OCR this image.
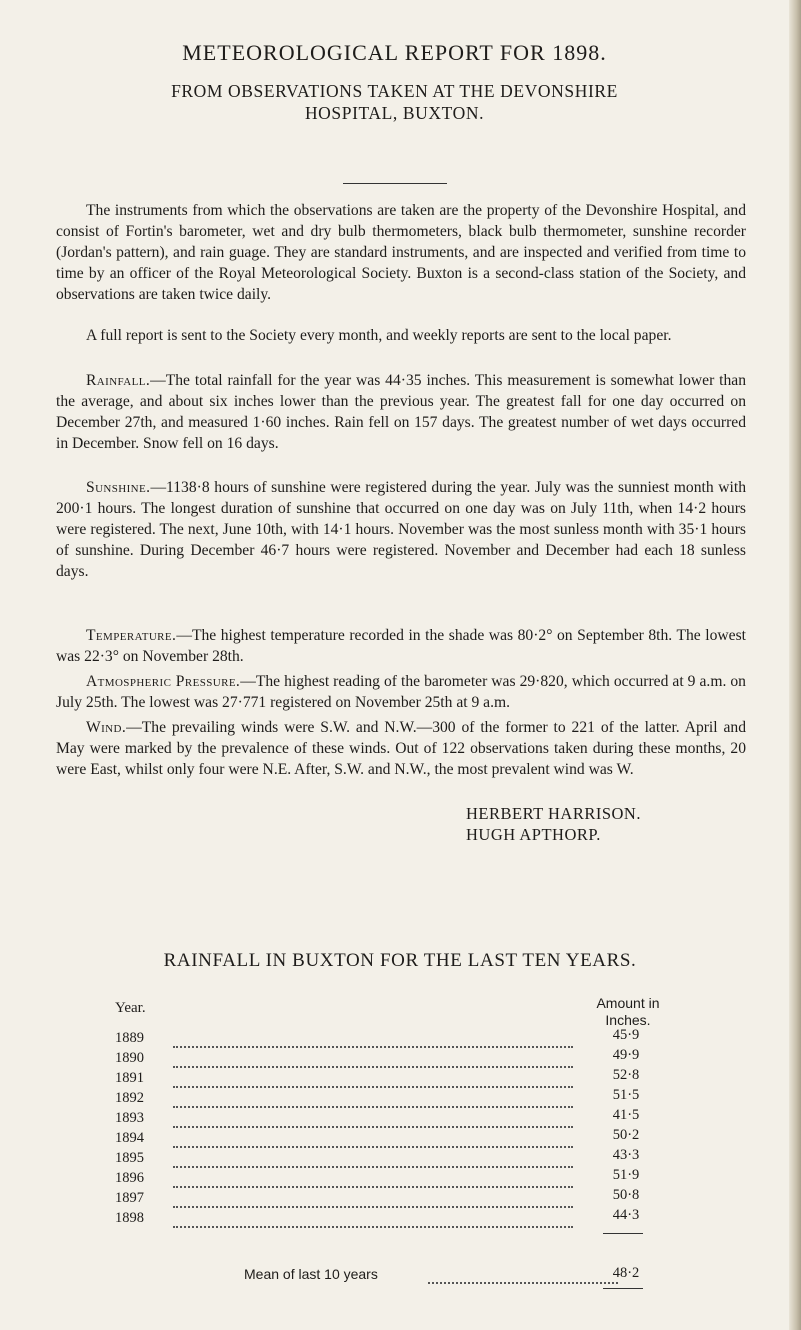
METEOROLOGICAL REPORT FOR 1898.
FROM OBSERVATIONS TAKEN AT THE DEVONSHIRE
HOSPITAL, BUXTON.

The instruments from which the observations are taken are the property of the Devonshire Hospital, and consist of Fortin's barometer, wet and dry bulb thermometers, black bulb thermometer, sunshine recorder (Jordan's pattern), and rain guage. They are standard instruments, and are inspected and verified from time to time by an officer of the Royal Meteorological Society. Buxton is a second-class station of the Society, and observations are taken twice daily.

A full report is sent to the Society every month, and weekly reports are sent to the local paper.

Rainfall.—The total rainfall for the year was 44·35 inches. This measurement is somewhat lower than the average, and about six inches lower than the previous year. The greatest fall for one day occurred on December 27th, and measured 1·60 inches. Rain fell on 157 days. The greatest number of wet days occurred in December. Snow fell on 16 days.

Sunshine.—1138·8 hours of sunshine were registered during the year. July was the sunniest month with 200·1 hours. The longest duration of sunshine that occurred on one day was on July 11th, when 14·2 hours were registered. The next, June 10th, with 14·1 hours. November was the most sunless month with 35·1 hours of sunshine. During December 46·7 hours were registered. November and December had each 18 sunless days.

Temperature.—The highest temperature recorded in the shade was 80·2° on September 8th. The lowest was 22·3° on November 28th.

Atmospheric Pressure.—The highest reading of the barometer was 29·820, which occurred at 9 a.m. on July 25th. The lowest was 27·771 registered on November 25th at 9 a.m.

Wind.—The prevailing winds were S.W. and N.W.—300 of the former to 221 of the latter. April and May were marked by the prevalence of these winds. Out of 122 observations taken during these months, 20 were East, whilst only four were N.E. After, S.W. and N.W., the most prevalent wind was W.

HERBERT HARRISON.
HUGH APTHORP.
RAINFALL IN BUXTON FOR THE LAST TEN YEARS.
Year.	Amount in
Inches.
1889	45·9
1890	49·9
1891	52·8
1892	51·5
1893	41·5
1894	50·2
1895	43·3
1896	51·9
1897	50·8
1898	44·3
Mean of last 10 years	48·2
